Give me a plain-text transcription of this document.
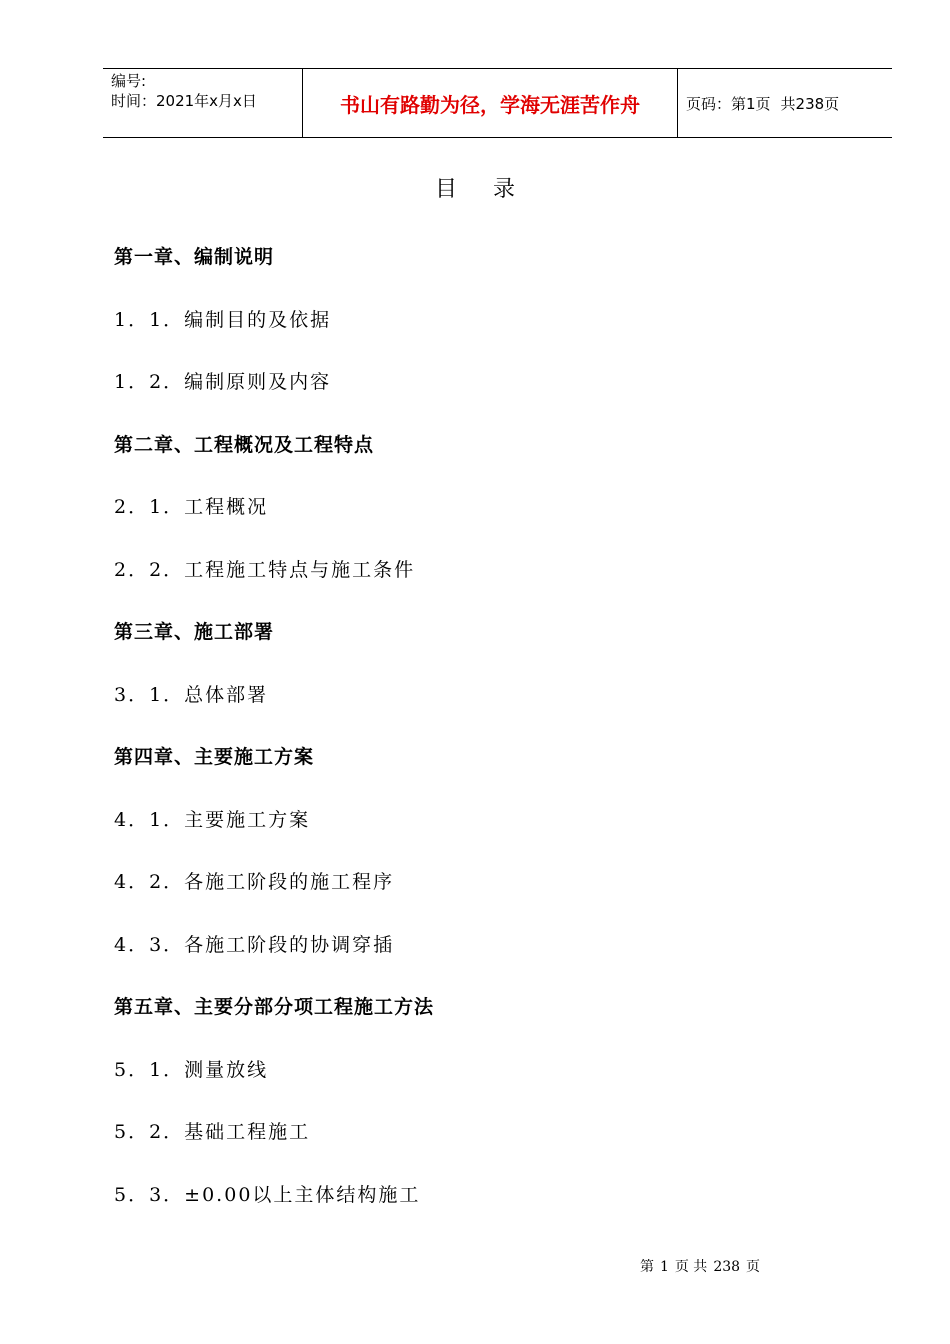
编号:
时间：2021年x月x日	书山有路勤为径，学海无涯苦作舟	页码：第1页 共238页
目录
第一章、编制说明
1．1．编制目的及依据
1．2．编制原则及内容
第二章、工程概况及工程特点
2．1．工程概况
2．2．工程施工特点与施工条件
第三章、施工部署
3．1．总体部署
第四章、主要施工方案
4．1．主要施工方案
4．2．各施工阶段的施工程序
4．3．各施工阶段的协调穿插
第五章、主要分部分项工程施工方法
5．1．测量放线
5．2．基础工程施工
5．3．±0.00以上主体结构施工
第 1 页 共 238 页
